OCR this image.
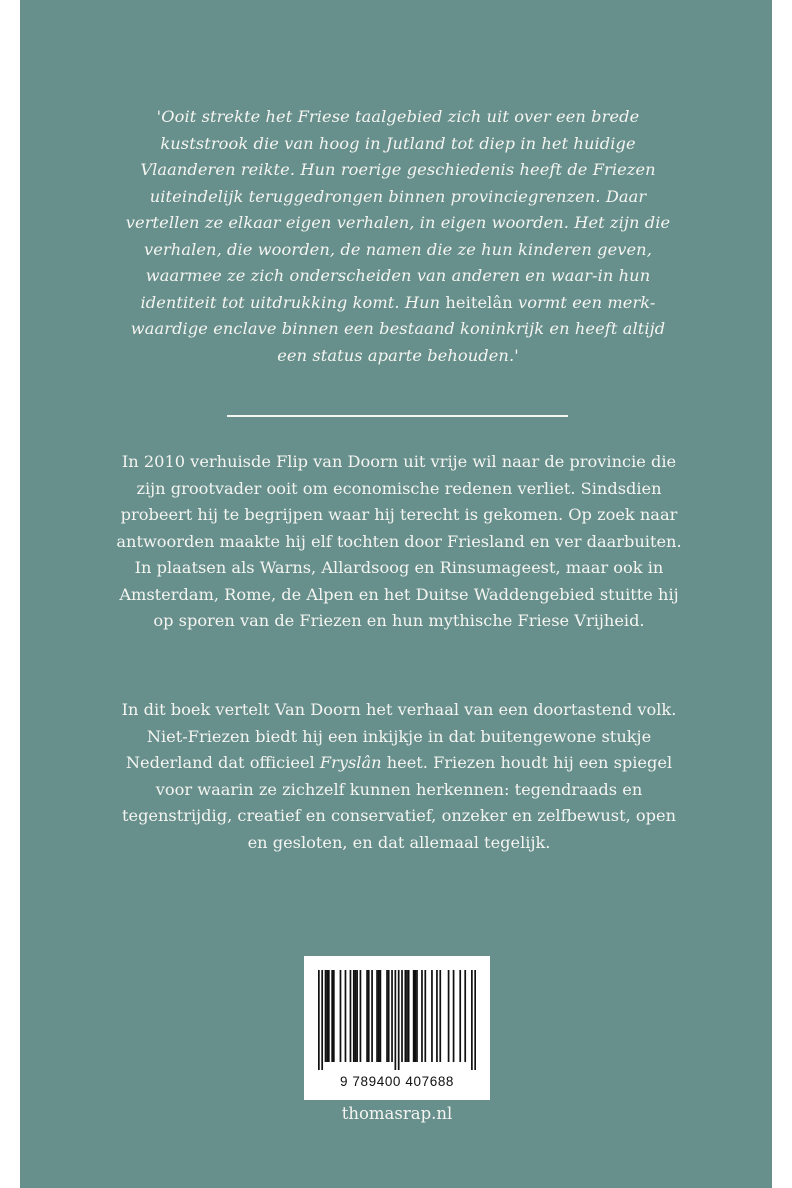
'Ooit strekte het Friese taalgebied zich uit over een brede kuststrook die van hoog in Jutland tot diep in het huidige Vlaanderen reikte. Hun roerige geschiedenis heeft de Friezen uiteindelijk teruggedrongen binnen provinciegrenzen. Daar vertellen ze elkaar eigen verhalen, in eigen woorden. Het zijn die verhalen, die woorden, de namen die ze hun kinderen geven, waarmee ze zich onderscheiden van anderen en waar-in hun identiteit tot uitdrukking komt. Hun heitelân vormt een merk-waardige enclave binnen een bestaand koninkrijk en heeft altijd een status aparte behouden.'
In 2010 verhuisde Flip van Doorn uit vrije wil naar de provincie die zijn grootvader ooit om economische redenen verliet. Sindsdien probeert hij te begrijpen waar hij terecht is gekomen. Op zoek naar antwoorden maakte hij elf tochten door Friesland en ver daarbuiten. In plaatsen als Warns, Allardsoog en Rinsumageest, maar ook in Amsterdam, Rome, de Alpen en het Duitse Waddengebied stuitte hij op sporen van de Friezen en hun mythische Friese Vrijheid.
In dit boek vertelt Van Doorn het verhaal van een doortastend volk. Niet-Friezen biedt hij een inkijkje in dat buitengewone stukje Nederland dat officieel Fryslân heet. Friezen houdt hij een spiegel voor waarin ze zichzelf kunnen herkennen: tegendraads en tegenstrijdig, creatief en conservatief, onzeker en zelfbewust, open en gesloten, en dat allemaal tegelijk.
9 789400 407688
thomasrap.nl
